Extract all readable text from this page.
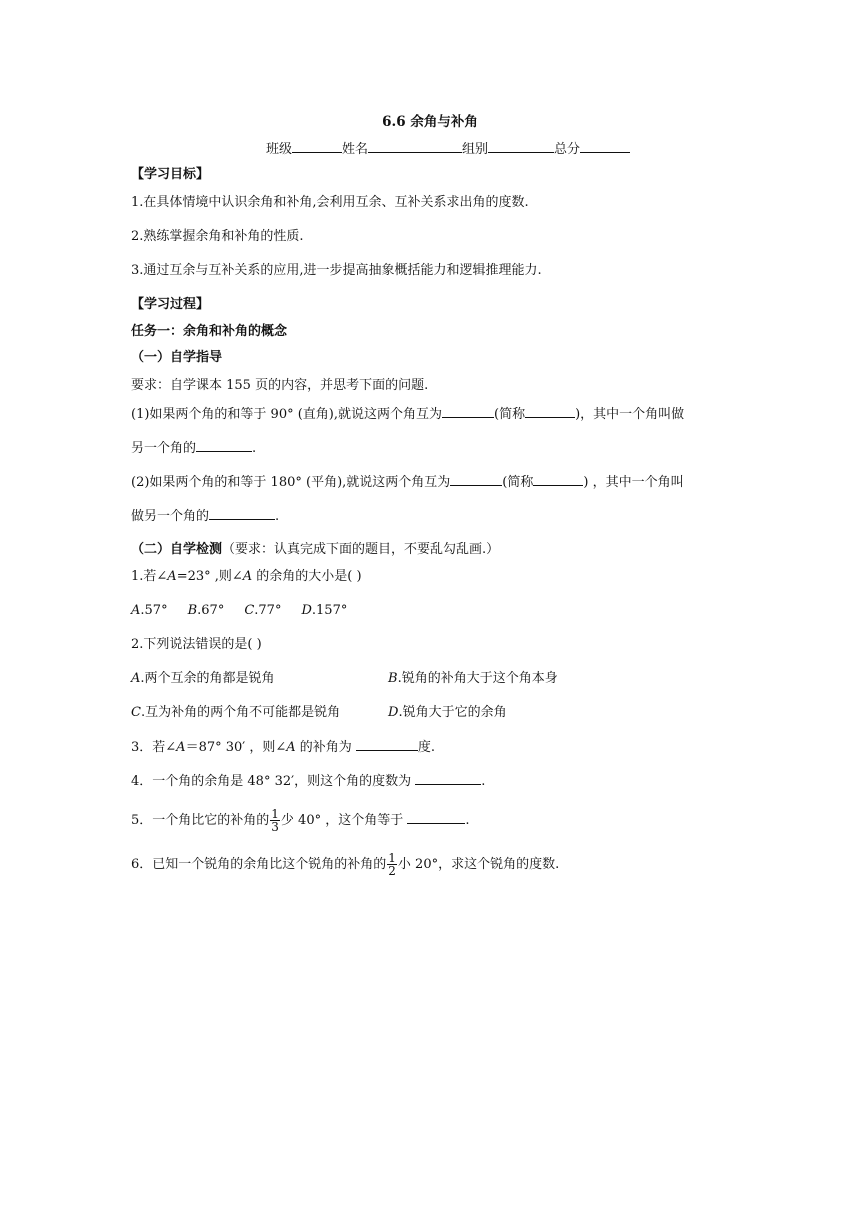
6.6 余角与补角
班级	姓名	组别	总分
【学习目标】
1.在具体情境中认识余角和补角,会利用互余、互补关系求出角的度数.
2.熟练掌握余角和补角的性质.
3.通过互余与互补关系的应用,进一步提高抽象概括能力和逻辑推理能力.
【学习过程】
任务一：余角和补角的概念
（一）自学指导
要求：自学课本 155 页的内容，并思考下面的问题.
(1)如果两个角的和等于 90° (直角),就说这两个角互为	(简称	)，其中一个角叫做
另一个角的	.
(2)如果两个角的和等于 180° (平角),就说这两个角互为	(简称	) ，其中一个角叫
做另一个角的	.
（二）自学检测（要求：认真完成下面的题目，不要乱勾乱画.）
1.若∠A=23° ,则∠A 的余角的大小是( )
A.57° B.67° C.77° D.157°
2.下列说法错误的是( )
A.两个互余的角都是锐角	B.锐角的补角大于这个角本身
C.互为补角的两个角不可能都是锐角	D.锐角大于它的余角
3．若∠A＝87° 30′ ，则∠A 的补角为	度.
4．一个角的余角是 48° 32′，则这个角的度数为	.
5．一个角比它的补角的 $\frac{1}{3}$ 少 40° ，这个角等于	.
6．已知一个锐角的余角比这个锐角的补角的 $\frac{1}{2}$ 小 20°，求这个锐角的度数.
